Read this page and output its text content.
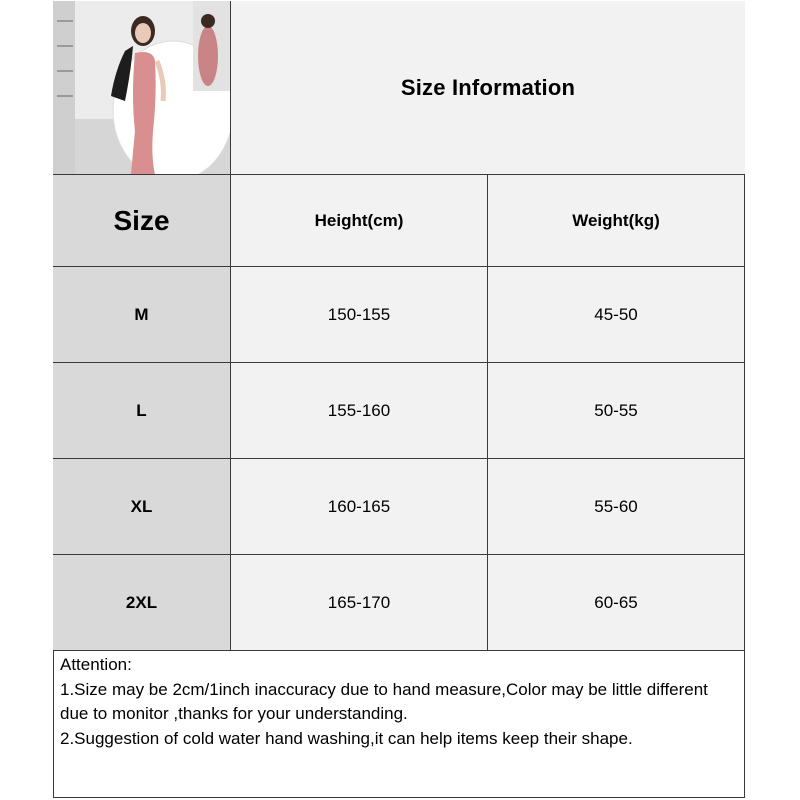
Size Information
Size	Height(cm)	Weight(kg)
M	150-155	45-50
L	155-160	50-55
XL	160-165	55-60
2XL	165-170	60-65
Attention:
1.Size may be 2cm/1inch inaccuracy due to hand measure,Color may be little different due to monitor ,thanks for your understanding.
2.Suggestion of cold water hand washing,it can help items keep their shape.
